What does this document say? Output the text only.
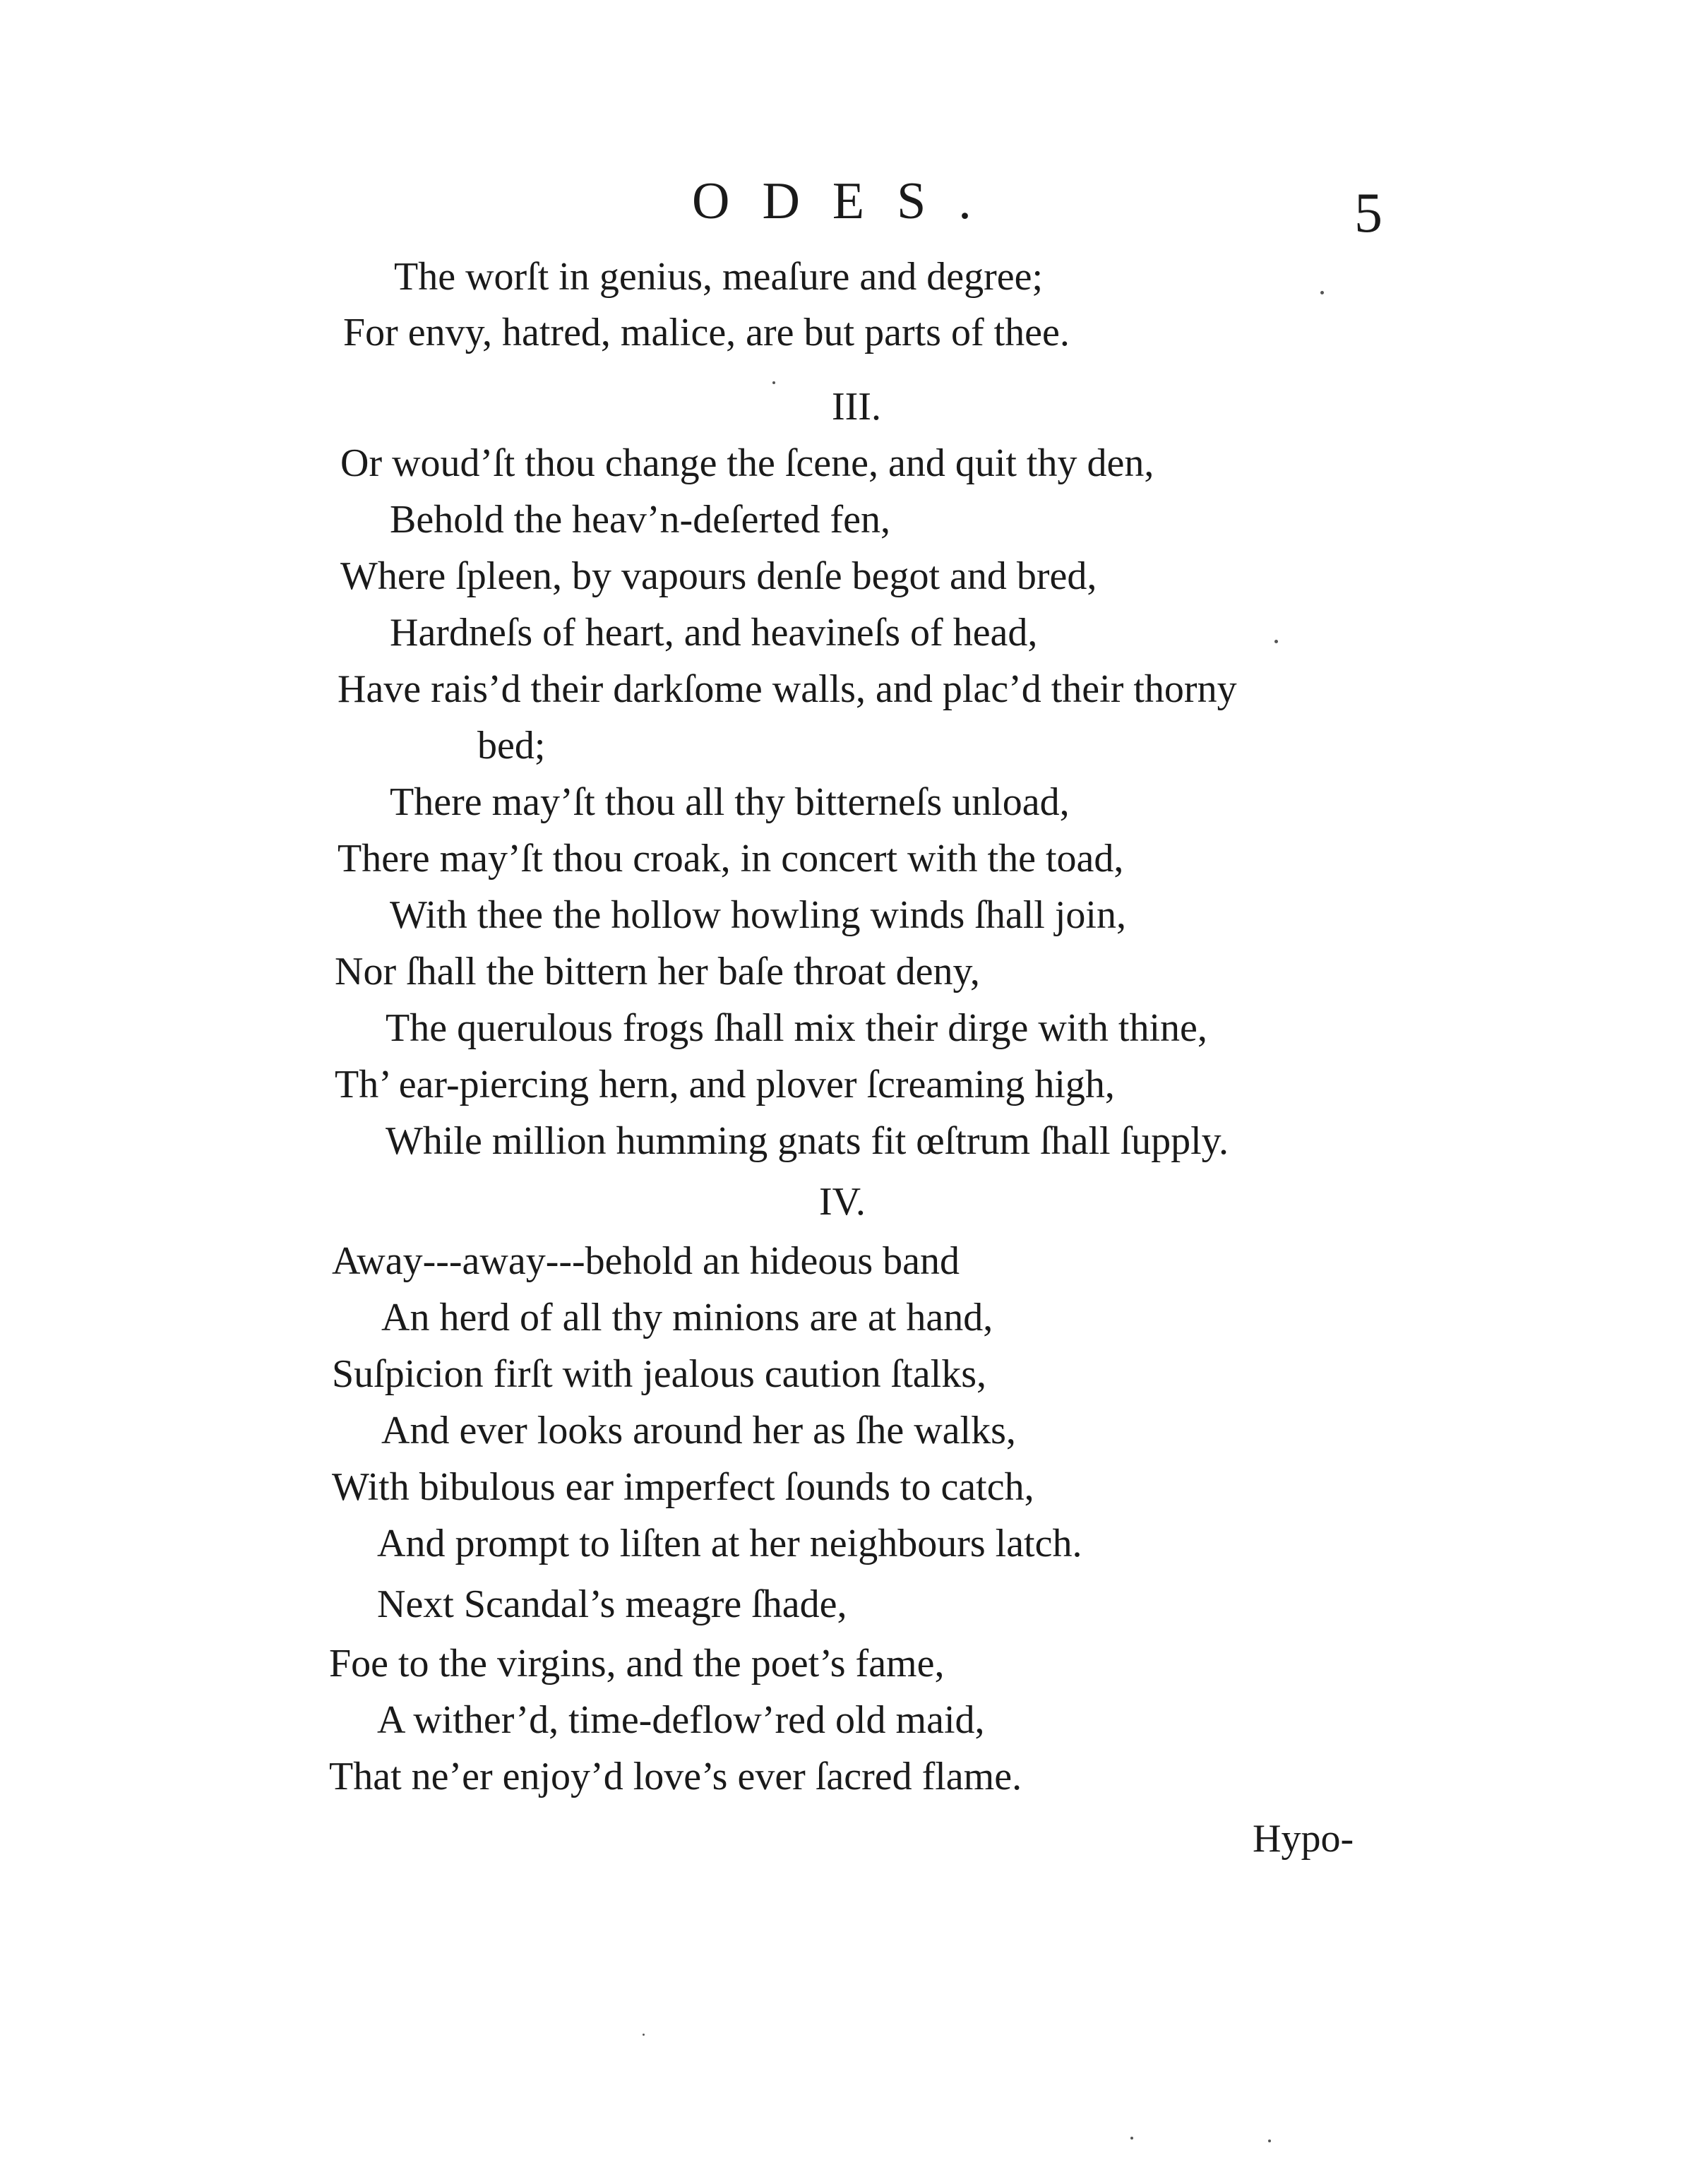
ODES.	5
The worſt in genius, meaſure and degree;
For envy, hatred, malice, are but parts of thee.
III.
Or woud’ſt thou change the ſcene, and quit thy den,
Behold the heav’n-deſerted fen,
Where ſpleen, by vapours denſe begot and bred,
Hardneſs of heart, and heavineſs of head,
Have rais’d their darkſome walls, and plac’d their thorny
bed;
There may’ſt thou all thy bitterneſs unload,
There may’ſt thou croak, in concert with the toad,
With thee the hollow howling winds ſhall join,
Nor ſhall the bittern her baſe throat deny,
The querulous frogs ſhall mix their dirge with thine,
Th’ ear-piercing hern, and plover ſcreaming high,
While million humming gnats fit œſtrum ſhall ſupply.
IV.
Away---away---behold an hideous band
An herd of all thy minions are at hand,
Suſpicion firſt with jealous caution ſtalks,
And ever looks around her as ſhe walks,
With bibulous ear imperfect ſounds to catch,
And prompt to liſten at her neighbours latch.
Next Scandal’s meagre ſhade,
Foe to the virgins, and the poet’s fame,
A wither’d, time-deflow’red old maid,
That ne’er enjoy’d love’s ever ſacred flame.
Hypo-
